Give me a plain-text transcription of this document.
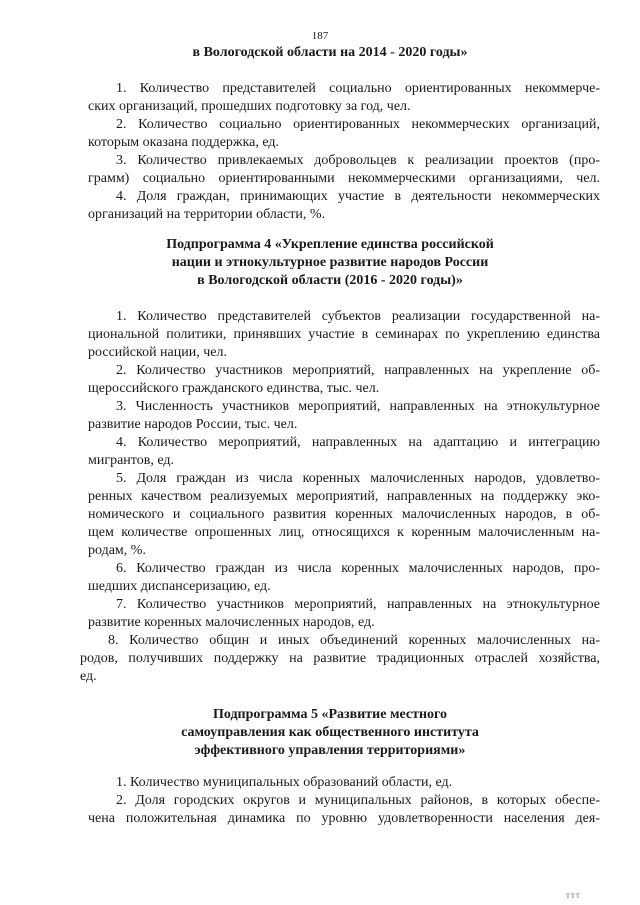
187
в Вологодской области на 2014 - 2020 годы»
1. Количество представителей социально ориентированных некоммерче-
ских организаций, прошедших подготовку за год, чел.
2. Количество социально ориентированных некоммерческих организаций,
которым оказана поддержка, ед.
3. Количество привлекаемых добровольцев к реализации проектов (про-
грамм) социально ориентированными некоммерческими организациями, чел.
4. Доля граждан, принимающих участие в деятельности некоммерческих
организаций на территории области, %.
Подпрограмма 4 «Укрепление единства российской
нации и этнокультурное развитие народов России
в Вологодской области (2016 - 2020 годы)»
1. Количество представителей субъектов реализации государственной на-
циональной политики, принявших участие в семинарах по укреплению единства
российской нации, чел.
2. Количество участников мероприятий, направленных на укрепление об-
щероссийского гражданского единства, тыс. чел.
3. Численность участников мероприятий, направленных на этнокультурное
развитие народов России, тыс. чел.
4. Количество мероприятий, направленных на адаптацию и интеграцию
мигрантов, ед.
5. Доля граждан из числа коренных малочисленных народов, удовлетво-
ренных качеством реализуемых мероприятий, направленных на поддержку эко-
номического и социального развития коренных малочисленных народов, в об-
щем количестве опрошенных лиц, относящихся к коренным малочисленным на-
родам, %.
6. Количество граждан из числа коренных малочисленных народов, про-
шедших диспансеризацию, ед.
7. Количество участников мероприятий, направленных на этнокультурное
развитие коренных малочисленных народов, ед.
8. Количество общин и иных объединений коренных малочисленных на-
родов, получивших поддержку на развитие традиционных отраслей хозяйства,
ед.
Подпрограмма 5 «Развитие местного
самоуправления как общественного института
эффективного управления территориями»
1. Количество муниципальных образований области, ед.
2. Доля городских округов и муниципальных районов, в которых обеспе-
чена положительная динамика по уровню удовлетворенности населения дея-
ттт
